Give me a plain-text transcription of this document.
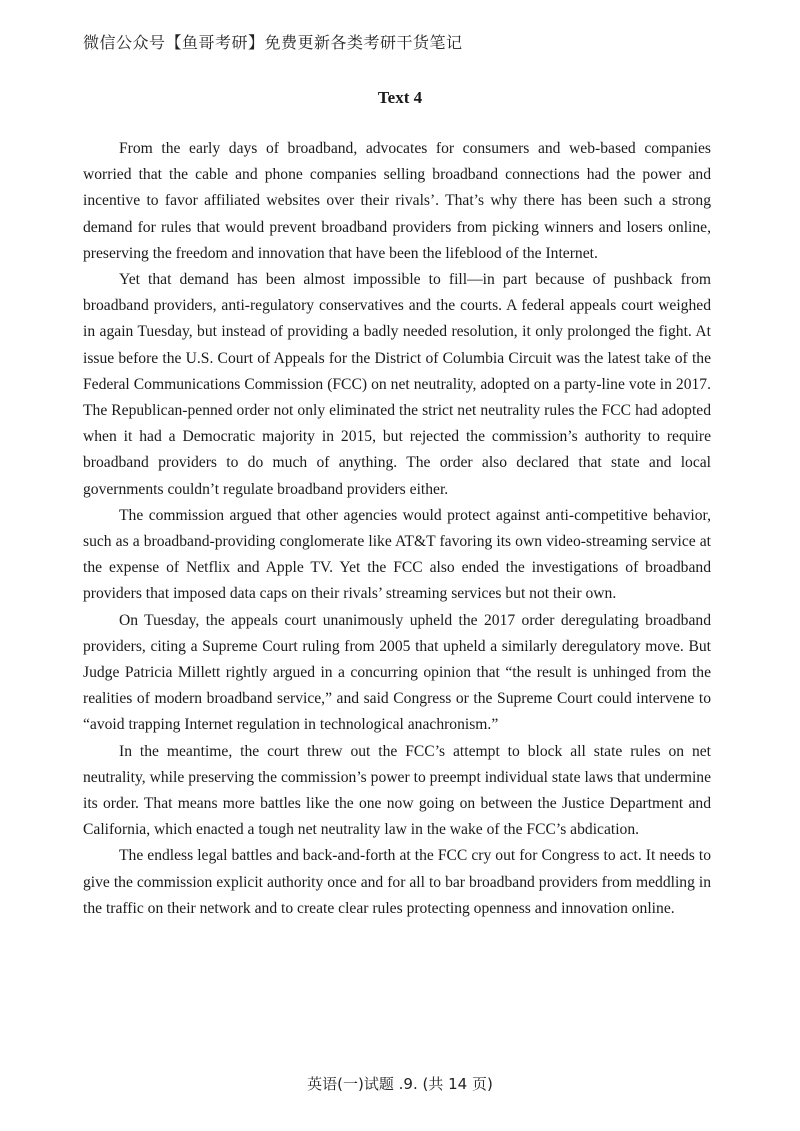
微信公众号【鱼哥考研】免费更新各类考研干货笔记
Text 4

From the early days of broadband, advocates for consumers and web-based companies worried that the cable and phone companies selling broadband connections had the power and incentive to favor affiliated websites over their rivals’. That’s why there has been such a strong demand for rules that would prevent broadband providers from picking winners and losers online, preserving the freedom and innovation that have been the lifeblood of the Internet.

Yet that demand has been almost impossible to fill—in part because of pushback from broadband providers, anti-regulatory conservatives and the courts. A federal appeals court weighed in again Tuesday, but instead of providing a badly needed resolution, it only prolonged the fight. At issue before the U.S. Court of Appeals for the District of Columbia Circuit was the latest take of the Federal Communications Commission (FCC) on net neutrality, adopted on a party-line vote in 2017. The Republican-penned order not only eliminated the strict net neutrality rules the FCC had adopted when it had a Democratic majority in 2015, but rejected the commission’s authority to require broadband providers to do much of anything. The order also declared that state and local governments couldn’t regulate broadband providers either.

The commission argued that other agencies would protect against anti-competitive behavior, such as a broadband-providing conglomerate like AT&T favoring its own video-streaming service at the expense of Netflix and Apple TV. Yet the FCC also ended the investigations of broadband providers that imposed data caps on their rivals’ streaming services but not their own.

On Tuesday, the appeals court unanimously upheld the 2017 order deregulating broadband providers, citing a Supreme Court ruling from 2005 that upheld a similarly deregulatory move. But Judge Patricia Millett rightly argued in a concurring opinion that “the result is unhinged from the realities of modern broadband service,” and said Congress or the Supreme Court could intervene to “avoid trapping Internet regulation in technological anachronism.”

In the meantime, the court threw out the FCC’s attempt to block all state rules on net neutrality, while preserving the commission’s power to preempt individual state laws that undermine its order. That means more battles like the one now going on between the Justice Department and California, which enacted a tough net neutrality law in the wake of the FCC’s abdication.

The endless legal battles and back-and-forth at the FCC cry out for Congress to act. It needs to give the commission explicit authority once and for all to bar broadband providers from meddling in the traffic on their network and to create clear rules protecting openness and innovation online.

英语(一)试题 .9. (共 14 页)
